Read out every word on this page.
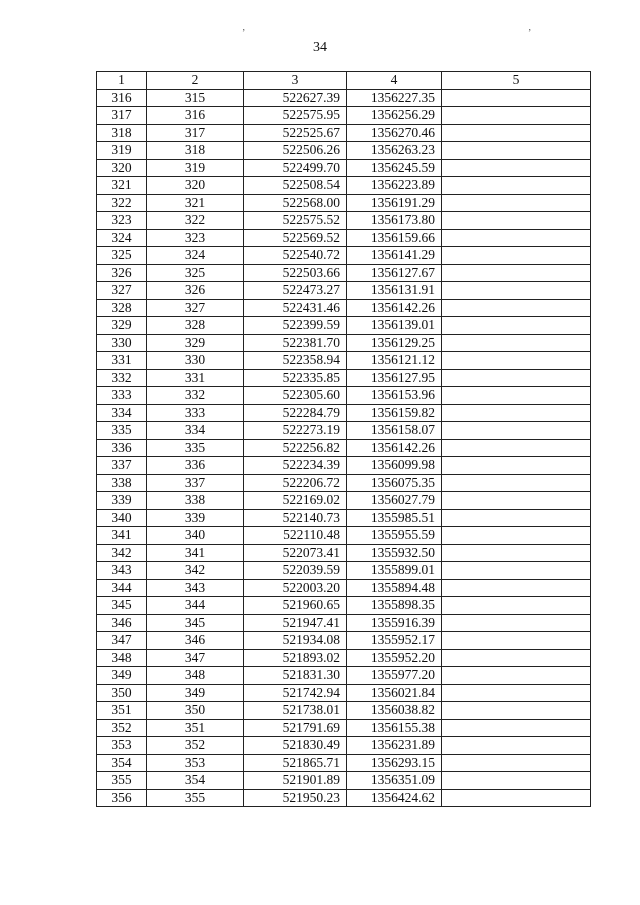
’	’
34
1	2	3	4	5
316	315	522627.39	1356227.35	
317	316	522575.95	1356256.29	
318	317	522525.67	1356270.46	
319	318	522506.26	1356263.23	
320	319	522499.70	1356245.59	
321	320	522508.54	1356223.89	
322	321	522568.00	1356191.29	
323	322	522575.52	1356173.80	
324	323	522569.52	1356159.66	
325	324	522540.72	1356141.29	
326	325	522503.66	1356127.67	
327	326	522473.27	1356131.91	
328	327	522431.46	1356142.26	
329	328	522399.59	1356139.01	
330	329	522381.70	1356129.25	
331	330	522358.94	1356121.12	
332	331	522335.85	1356127.95	
333	332	522305.60	1356153.96	
334	333	522284.79	1356159.82	
335	334	522273.19	1356158.07	
336	335	522256.82	1356142.26	
337	336	522234.39	1356099.98	
338	337	522206.72	1356075.35	
339	338	522169.02	1356027.79	
340	339	522140.73	1355985.51	
341	340	522110.48	1355955.59	
342	341	522073.41	1355932.50	
343	342	522039.59	1355899.01	
344	343	522003.20	1355894.48	
345	344	521960.65	1355898.35	
346	345	521947.41	1355916.39	
347	346	521934.08	1355952.17	
348	347	521893.02	1355952.20	
349	348	521831.30	1355977.20	
350	349	521742.94	1356021.84	
351	350	521738.01	1356038.82	
352	351	521791.69	1356155.38	
353	352	521830.49	1356231.89	
354	353	521865.71	1356293.15	
355	354	521901.89	1356351.09	
356	355	521950.23	1356424.62	
